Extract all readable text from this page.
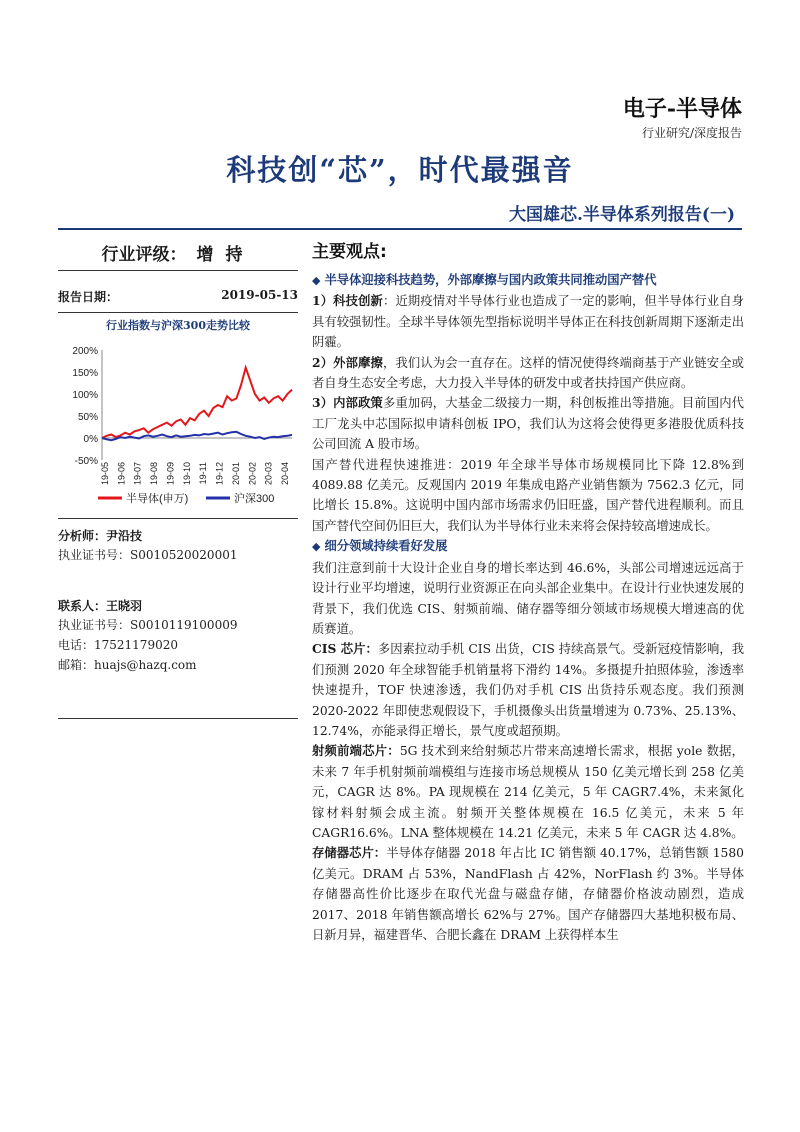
电子-半导体
行业研究/深度报告
科技创“芯”，时代最强音
大国雄芯.半导体系列报告(一)
行业评级： 增持
报告日期：	2019-05-13
行业指数与沪深300走势比较
200%
150%
100%
50%
0%
-50%
19-05 19-06 19-07 19-08 19-09 19-10 19-11 19-12 20-01 20-02 20-03 20-04
半导体(申万)	沪深300
分析师：尹沿技
执业证书号：S0010520020001
联系人：王晓羽
执业证书号：S0010119100009
电话：17521179020
邮箱：huajs@hazq.com

主要观点:

◆ 半导体迎接科技趋势，外部摩擦与国内政策共同推动国产替代

1）科技创新：近期疫情对半导体行业也造成了一定的影响，但半导体行业自身具有较强韧性。全球半导体领先型指标说明半导体正在科技创新周期下逐渐走出阴霾。

2）外部摩擦，我们认为会一直存在。这样的情况使得终端商基于产业链安全或者自身生态安全考虑，大力投入半导体的研发中或者扶持国产供应商。

3）内部政策多重加码，大基金二级接力一期，科创板推出等措施。目前国内代工厂龙头中芯国际拟申请科创板 IPO，我们认为这将会使得更多港股优质科技公司回流 A 股市场。

国产替代进程快速推进：2019 年全球半导体市场规模同比下降 12.8%到 4089.88 亿美元。反观国内 2019 年集成电路产业销售额为 7562.3 亿元，同比增长 15.8%。这说明中国内部市场需求仍旧旺盛，国产替代进程顺利。而且国产替代空间仍旧巨大，我们认为半导体行业未来将会保持较高增速成长。

◆ 细分领域持续看好发展

我们注意到前十大设计企业自身的增长率达到 46.6%，头部公司增速远远高于设计行业平均增速，说明行业资源正在向头部企业集中。在设计行业快速发展的背景下，我们优选 CIS、射频前端、储存器等细分领域市场规模大增速高的优质赛道。

CIS 芯片：多因素拉动手机 CIS 出货，CIS 持续高景气。受新冠疫情影响，我们预测 2020 年全球智能手机销量将下滑约 14%。多摄提升拍照体验，渗透率快速提升，TOF 快速渗透，我们仍对手机 CIS 出货持乐观态度。我们预测 2020-2022 年即使悲观假设下，手机摄像头出货量增速为 0.73%、25.13%、12.74%，亦能录得正增长，景气度或超预期。

射频前端芯片：5G 技术到来给射频芯片带来高速增长需求，根据 yole 数据，未来 7 年手机射频前端模组与连接市场总规模从 150 亿美元增长到 258 亿美元，CAGR 达 8%。PA 现规模在 214 亿美元，5 年 CAGR7.4%，未来氮化镓材料射频会成主流。射频开关整体规模在 16.5 亿美元，未来 5 年 CAGR16.6%。LNA 整体规模在 14.21 亿美元，未来 5 年 CAGR 达 4.8%。

存储器芯片：半导体存储器 2018 年占比 IC 销售额 40.17%，总销售额 1580 亿美元。DRAM 占 53%，NandFlash 占 42%，NorFlash 约 3%。半导体存储器高性价比逐步在取代光盘与磁盘存储，存储器价格波动剧烈，造成 2017、2018 年销售额高增长 62%与 27%。国产存储器四大基地积极布局、日新月异，福建晋华、合肥长鑫在 DRAM 上获得样本生
